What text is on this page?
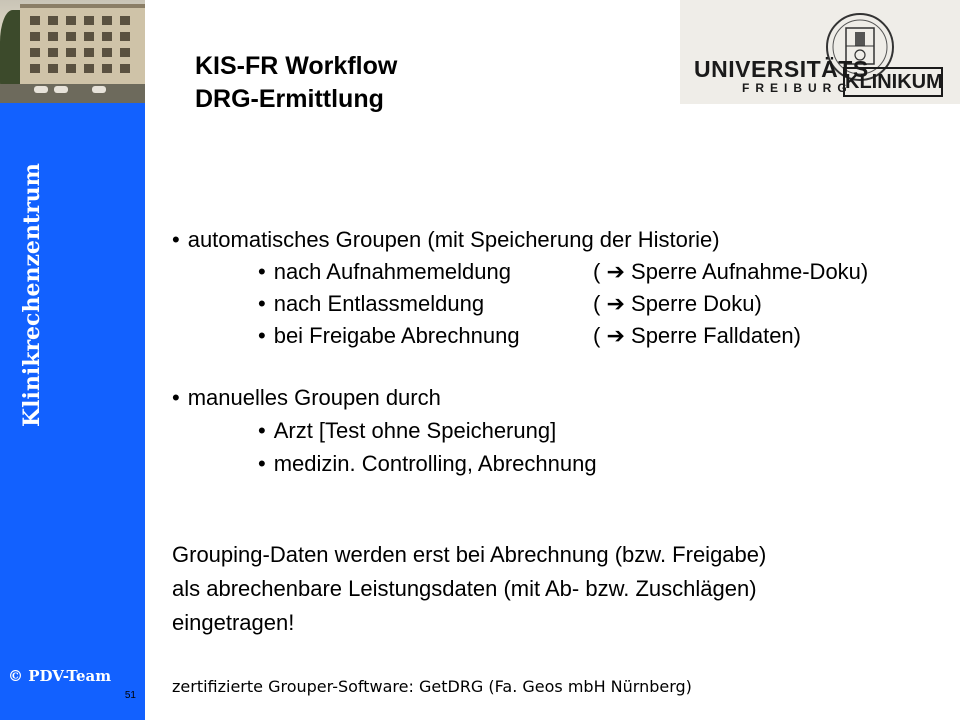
Klinikrechenzentrum
© PDV-Team
51
KIS-FR Workflow
DRG-Ermittlung
UNIVERSITÄTS
FREIBURG
KLINIKUM
• automatisches Groupen (mit Speicherung der Historie)
• nach Aufnahmemeldung	( ➔ Sperre Aufnahme-Doku)
• nach Entlassmeldung	( ➔ Sperre Doku)
• bei Freigabe Abrechnung	( ➔ Sperre Falldaten)
• manuelles Groupen durch
• Arzt [Test ohne Speicherung]
• medizin. Controlling, Abrechnung
Grouping-Daten werden erst bei Abrechnung (bzw. Freigabe)
als abrechenbare Leistungsdaten (mit Ab- bzw. Zuschlägen)
eingetragen!
zertifizierte Grouper-Software: GetDRG (Fa. Geos mbH Nürnberg)
